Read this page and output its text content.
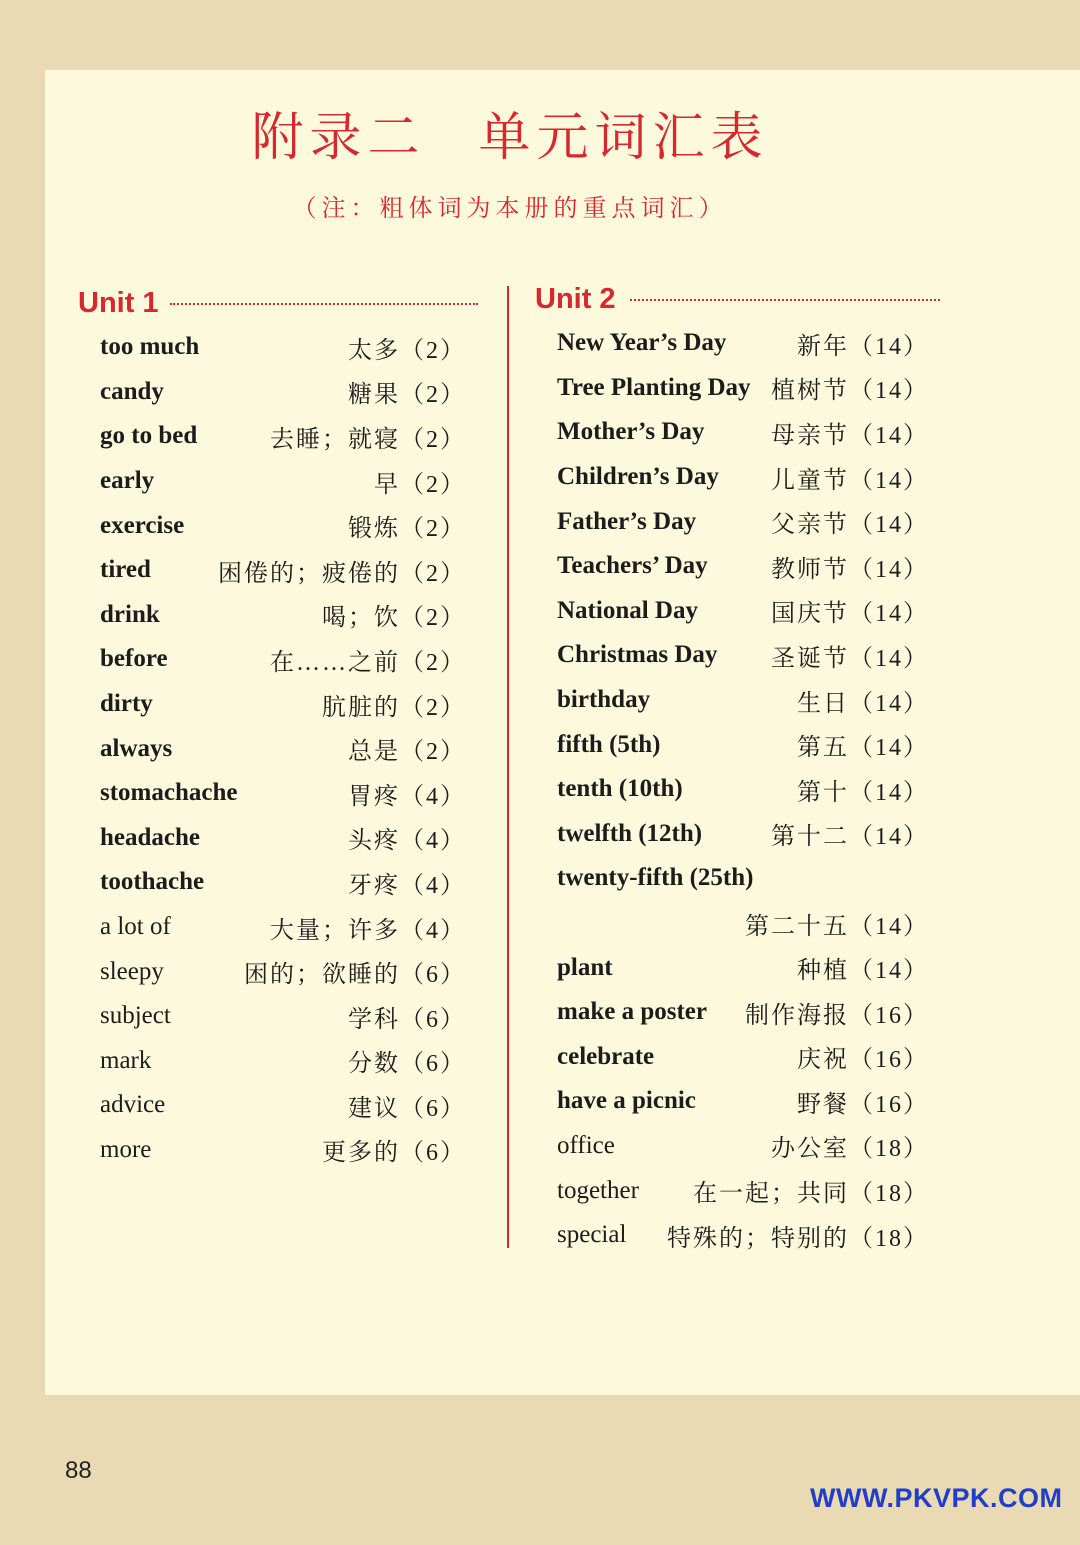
附录二 单元词汇表
（注：粗体词为本册的重点词汇）
Unit 1	Unit 2
too much	太多（2）
candy	糖果（2）
go to bed	去睡；就寝（2）
early	早（2）
exercise	锻炼（2）
tired	困倦的；疲倦的（2）
drink	喝；饮（2）
before	在……之前（2）
dirty	肮脏的（2）
always	总是（2）
stomachache	胃疼（4）
headache	头疼（4）
toothache	牙疼（4）
a lot of	大量；许多（4）
sleepy	困的；欲睡的（6）
subject	学科（6）
mark	分数（6）
advice	建议（6）
more	更多的（6）
New Year’s Day	新年（14）
Tree Planting Day 植树节（14）
Mother’s Day	母亲节（14）
Children’s Day 儿童节（14）
Father’s Day	父亲节（14）
Teachers’ Day	教师节（14）
National Day	国庆节（14）
Christmas Day 圣诞节（14）
birthday	生日（14）
fifth (5th)	第五（14）
tenth (10th)	第十（14）
twelfth (12th)	第十二（14）
twenty-fifth (25th)
第二十五（14）
plant	种植（14）
make a poster 制作海报（16）
celebrate	庆祝（16）
have a picnic	野餐（16）
office	办公室（18）
together 在一起；共同（18）
special 特殊的；特别的（18）
88
WWW.PKVPK.COM
